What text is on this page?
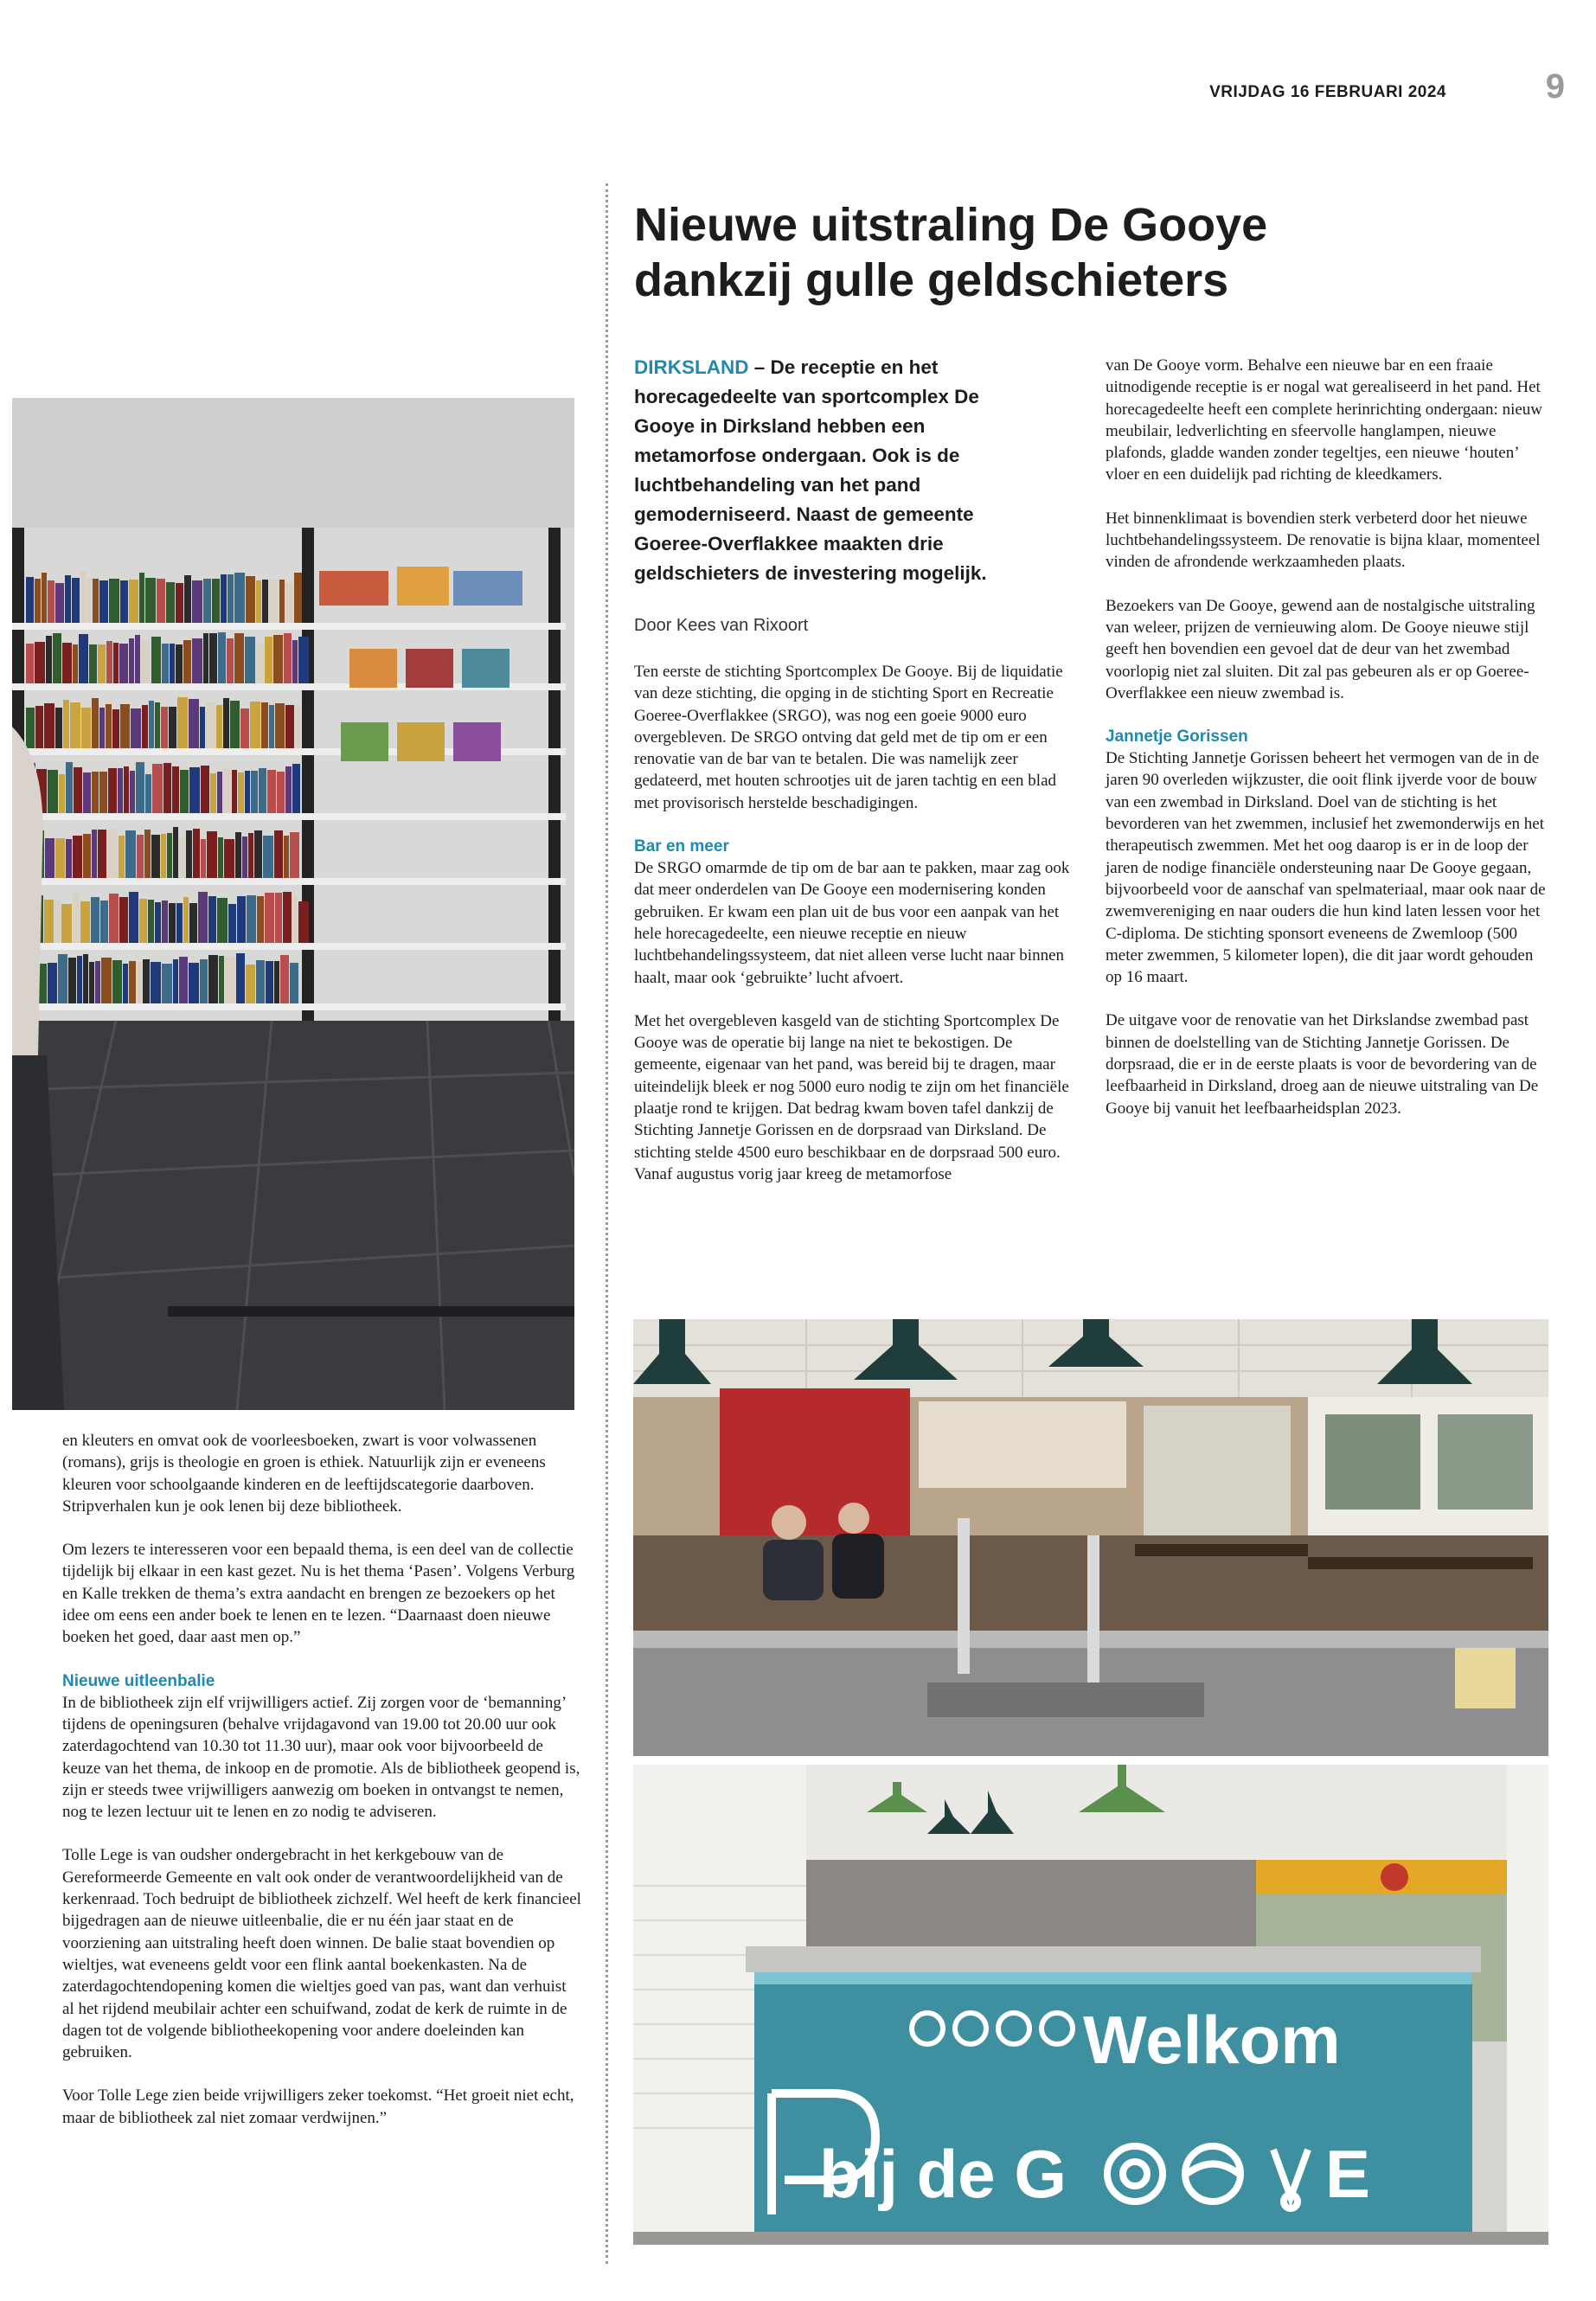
VRIJDAG 16 FEBRUARI 2024	9
Nieuwe uitstraling De Gooye
dankzij gulle geldschieters

DIRKSLAND – De receptie en het horecagedeelte van sportcomplex De Gooye in Dirksland hebben een metamorfose ondergaan. Ook is de luchtbehandeling van het pand gemoderniseerd. Naast de gemeente Goeree-Overflakkee maakten drie geldschieters de investering mogelijk.

Door Kees van Rixoort

Ten eerste de stichting Sportcomplex De Gooye. Bij de liquidatie van deze stichting, die opging in de stichting Sport en Recreatie Goeree-Overflakkee (SRGO), was nog een goeie 9000 euro overgebleven. De SRGO ontving dat geld met de tip om er een renovatie van de bar van te betalen. Die was namelijk zeer gedateerd, met houten schrootjes uit de jaren tachtig en een blad met provisorisch herstelde beschadigingen.

Bar en meer

De SRGO omarmde de tip om de bar aan te pakken, maar zag ook dat meer onderdelen van De Gooye een modernisering konden gebruiken. Er kwam een plan uit de bus voor een aanpak van het hele horecagedeelte, een nieuwe receptie en nieuw luchtbehandelingssysteem, dat niet alleen verse lucht naar binnen haalt, maar ook ‘gebruikte’ lucht afvoert.

Met het overgebleven kasgeld van de stichting Sportcomplex De Gooye was de operatie bij lange na niet te bekostigen. De gemeente, eigenaar van het pand, was bereid bij te dragen, maar uiteindelijk bleek er nog 5000 euro nodig te zijn om het financiële plaatje rond te krijgen. Dat bedrag kwam boven tafel dankzij de Stichting Jannetje Gorissen en de dorpsraad van Dirksland. De stichting stelde 4500 euro beschikbaar en de dorpsraad 500 euro.

Vanaf augustus vorig jaar kreeg de metamorfose

van De Gooye vorm. Behalve een nieuwe bar en een fraaie uitnodigende receptie is er nogal wat gerealiseerd in het pand. Het horecagedeelte heeft een complete herinrichting ondergaan: nieuw meubilair, ledverlichting en sfeervolle hanglampen, nieuwe plafonds, gladde wanden zonder tegeltjes, een nieuwe ‘houten’ vloer en een duidelijk pad richting de kleedkamers.

Het binnenklimaat is bovendien sterk verbeterd door het nieuwe luchtbehandelingssysteem. De renovatie is bijna klaar, momenteel vinden de afrondende werkzaamheden plaats.

Bezoekers van De Gooye, gewend aan de nostalgische uitstraling van weleer, prijzen de vernieuwing alom. De Gooye nieuwe stijl geeft hen bovendien een gevoel dat de deur van het zwembad voorlopig niet zal sluiten. Dit zal pas gebeuren als er op Goeree-Overflakkee een nieuw zwembad is.

Jannetje Gorissen

De Stichting Jannetje Gorissen beheert het vermogen van de in de jaren 90 overleden wijkzuster, die ooit flink ijverde voor de bouw van een zwembad in Dirksland. Doel van de stichting is het bevorderen van het zwemmen, inclusief het zwemonderwijs en het therapeutisch zwemmen. Met het oog daarop is er in de loop der jaren de nodige financiële ondersteuning naar De Gooye gegaan, bijvoorbeeld voor de aanschaf van spelmateriaal, maar ook naar de zwemvereniging en naar ouders die hun kind laten lessen voor het C-diploma. De stichting sponsort eveneens de Zwemloop (500 meter zwemmen, 5 kilometer lopen), die dit jaar wordt gehouden op 16 maart.

De uitgave voor de renovatie van het Dirkslandse zwembad past binnen de doelstelling van de Stichting Jannetje Gorissen. De dorpsraad, die er in de eerste plaats is voor de bevordering van de leefbaarheid in Dirksland, droeg aan de nieuwe uitstraling van De Gooye bij vanuit het leefbaarheidsplan 2023.

en kleuters en omvat ook de voorleesboeken, zwart is voor volwassenen (romans), grijs is theologie en groen is ethiek. Natuurlijk zijn er eveneens kleuren voor schoolgaande kinderen en de leeftijdscategorie daarboven. Stripverhalen kun je ook lenen bij deze bibliotheek.

Om lezers te interesseren voor een bepaald thema, is een deel van de collectie tijdelijk bij elkaar in een kast gezet. Nu is het thema ‘Pasen’. Volgens Verburg en Kalle trekken de thema’s extra aandacht en brengen ze bezoekers op het idee om eens een ander boek te lenen en te lezen. “Daarnaast doen nieuwe boeken het goed, daar aast men op.”

Nieuwe uitleenbalie

In de bibliotheek zijn elf vrijwilligers actief. Zij zorgen voor de ‘bemanning’ tijdens de openingsuren (behalve vrijdagavond van 19.00 tot 20.00 uur ook zaterdagochtend van 10.30 tot 11.30 uur), maar ook voor bijvoorbeeld de keuze van het thema, de inkoop en de promotie. Als de bibliotheek geopend is, zijn er steeds twee vrijwilligers aanwezig om boeken in ontvangst te nemen, nog te lezen lectuur uit te lenen en zo nodig te adviseren.

Tolle Lege is van oudsher ondergebracht in het kerkgebouw van de Gereformeerde Gemeente en valt ook onder de verantwoordelijkheid van de kerkenraad. Toch bedruipt de bibliotheek zichzelf. Wel heeft de kerk financieel bijgedragen aan de nieuwe uitleenbalie, die er nu één jaar staat en de voorziening aan uitstraling heeft doen winnen. De balie staat bovendien op wieltjes, wat eveneens geldt voor een flink aantal boekenkasten. Na de zaterdagochtendopening komen die wieltjes goed van pas, want dan verhuist al het rijdend meubilair achter een schuifwand, zodat de kerk de ruimte in de dagen tot de volgende bibliotheekopening voor andere doeleinden kan gebruiken.

Voor Tolle Lege zien beide vrijwilligers zeker toekomst. “Het groeit niet echt, maar de bibliotheek zal niet zomaar verdwijnen.”

Welkom
bij de G	E
